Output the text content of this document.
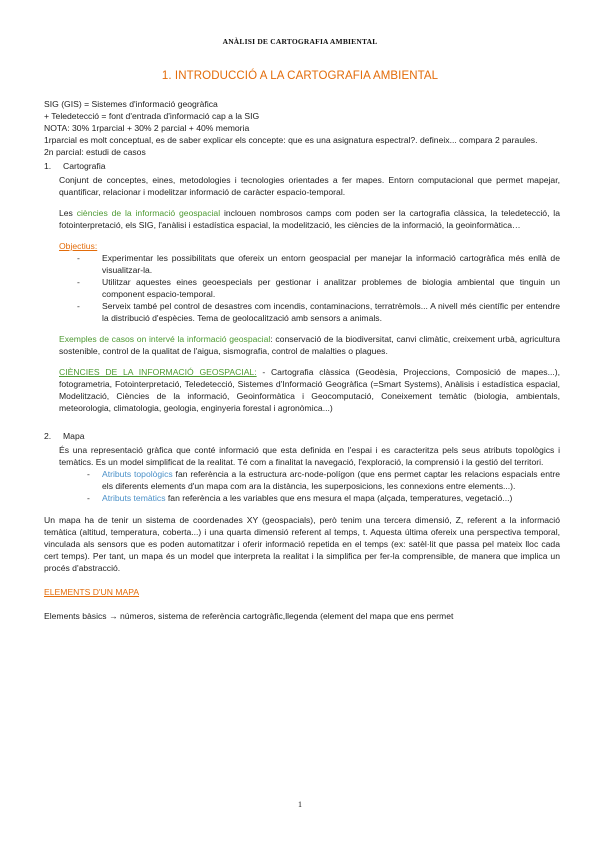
ANÀLISI DE CARTOGRAFIA AMBIENTAL
1. INTRODUCCIÓ A LA CARTOGRAFIA AMBIENTAL
SIG (GIS) = Sistemes d'informació geogràfica
+ Teledetecció = font d'entrada d'informació cap a la SIG
NOTA: 30% 1rparcial + 30% 2 parcial + 40% memoria
1rparcial es molt conceptual, es de saber explicar els concepte: que es una asignatura espectral?. defineix... compara 2 paraules.
2n parcial: estudi de casos
1.	Cartografia
Conjunt de conceptes, eines, metodologies i tecnologies orientades a fer mapes. Entorn computacional que permet mapejar, quantificar, relacionar i modelitzar informació de caràcter espacio-temporal.
Les ciències de la informació geospacial inclouen nombrosos camps com poden ser la cartografia clàssica, la teledetecció, la fotointerpretació, els SIG, l'anàlisi i estadística espacial, la modelització, les ciències de la informació, la geoinformàtica…
Objectius:
-	Experimentar les possibilitats que ofereix un entorn geospacial per manejar la informació cartogràfica més enllà de visualitzar-la.
-	Utilitzar aquestes eines geoespecials per gestionar i analitzar problemes de biologia ambiental que tinguin un component espacio-temporal.
-	Serveix també pel control de desastres com incendis, contaminacions, terratrèmols... A nivell més científic per entendre la distribució d'espècies. Tema de geolocalització amb sensors a animals.
Exemples de casos on intervé la informació geospacial: conservació de la biodiversitat, canvi climàtic, creixement urbà, agricultura sostenible, control de la qualitat de l'aigua, sismografia, control de malalties o plagues.
CIÈNCIES DE LA INFORMACIÓ GEOSPACIAL: - Cartografia clàssica (Geodèsia, Projeccions, Composició de mapes...), fotogrametria, Fotointerpretació, Teledetecció, Sistemes d'Informació Geogràfica (=Smart Systems), Anàlisis i estadística espacial, Modelització, Ciències de la informació, Geoinformàtica i Geocomputació, Coneixement temàtic (biologia, ambientals, meteorologia, climatologia, geologia, enginyeria forestal i agronòmica...)
2.	Mapa
És una representació gràfica que conté informació que esta definida en l'espai i es caracteritza pels seus atributs topològics i temàtics. Es un model simplificat de la realitat. Té com a finalitat la navegació, l'exploració, la comprensió i la gestió del territori.
-	Atributs topològics fan referència a la estructura arc-node-polígon (que ens permet captar les relacions espacials entre els diferents elements d'un mapa com ara la distància, les superposicions, les connexions entre elements...).
-	Atributs temàtics fan referència a les variables que ens mesura el mapa (alçada, temperatures, vegetació...)
Un mapa ha de tenir un sistema de coordenades XY (geospacials), però tenim una tercera dimensió, Z, referent a la informació temàtica (altitud, temperatura, coberta...) i una quarta dimensió referent al temps, t. Aquesta última ofereix una perspectiva temporal, vinculada als sensors que es poden automatitzar i oferir informació repetida en el temps (ex: satèl·lit que passa pel mateix lloc cada cert temps). Per tant, un mapa és un model que interpreta la realitat i la simplifica per fer-la comprensible, de manera que implica un procés d'abstracció.
ELEMENTS D'UN MAPA
Elements bàsics → números, sistema de referència cartogràfic,llegenda (element del mapa que ens permet
1
